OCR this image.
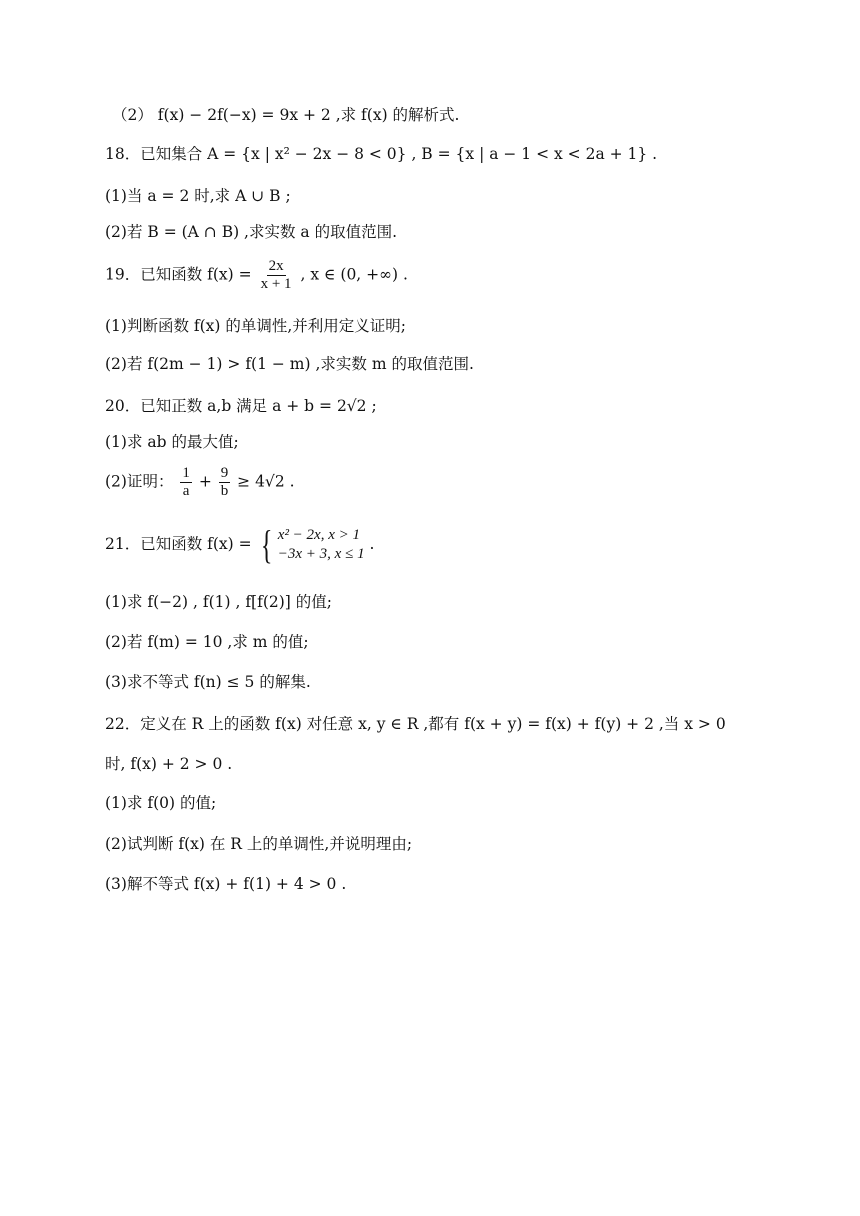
（2） f(x) − 2f(−x) = 9x + 2 ,求 f(x) 的解析式.
18．已知集合 A = {x | x² − 2x − 8 < 0} , B = {x | a − 1 < x < 2a + 1} .
(1)当 a = 2 时,求 A ∪ B ;
(2)若 B = (A ∩ B) ,求实数 a 的取值范围.
19．已知函数 $f(x) = \frac{2x}{x + 1}$ , x ∈ (0, +∞) .
(1)判断函数 f(x) 的单调性,并利用定义证明;
(2)若 f(2m − 1) > f(1 − m) ,求实数 m 的取值范围.
20．已知正数 a,b 满足 a + b = 2√2 ;
(1)求 ab 的最大值;
(2)证明： $\frac{1}{a} + \frac{9}{b} \ge 4√2$ .
21．已知函数 f(x) = { x² − 2x, x > 1
−3x + 3, x ≤ 1
.
(1)求 f(−2) , f(1) , f[f(2)] 的值;
(2)若 f(m) = 10 ,求 m 的值;
(3)求不等式 f(n) ≤ 5 的解集.
22．定义在 R 上的函数 f(x) 对任意 x, y ∈ R ,都有 f(x + y) = f(x) + f(y) + 2 ,当 x > 0
时, f(x) + 2 > 0 .
(1)求 f(0) 的值;
(2)试判断 f(x) 在 R 上的单调性,并说明理由;
(3)解不等式 f(x) + f(1) + 4 > 0 .
